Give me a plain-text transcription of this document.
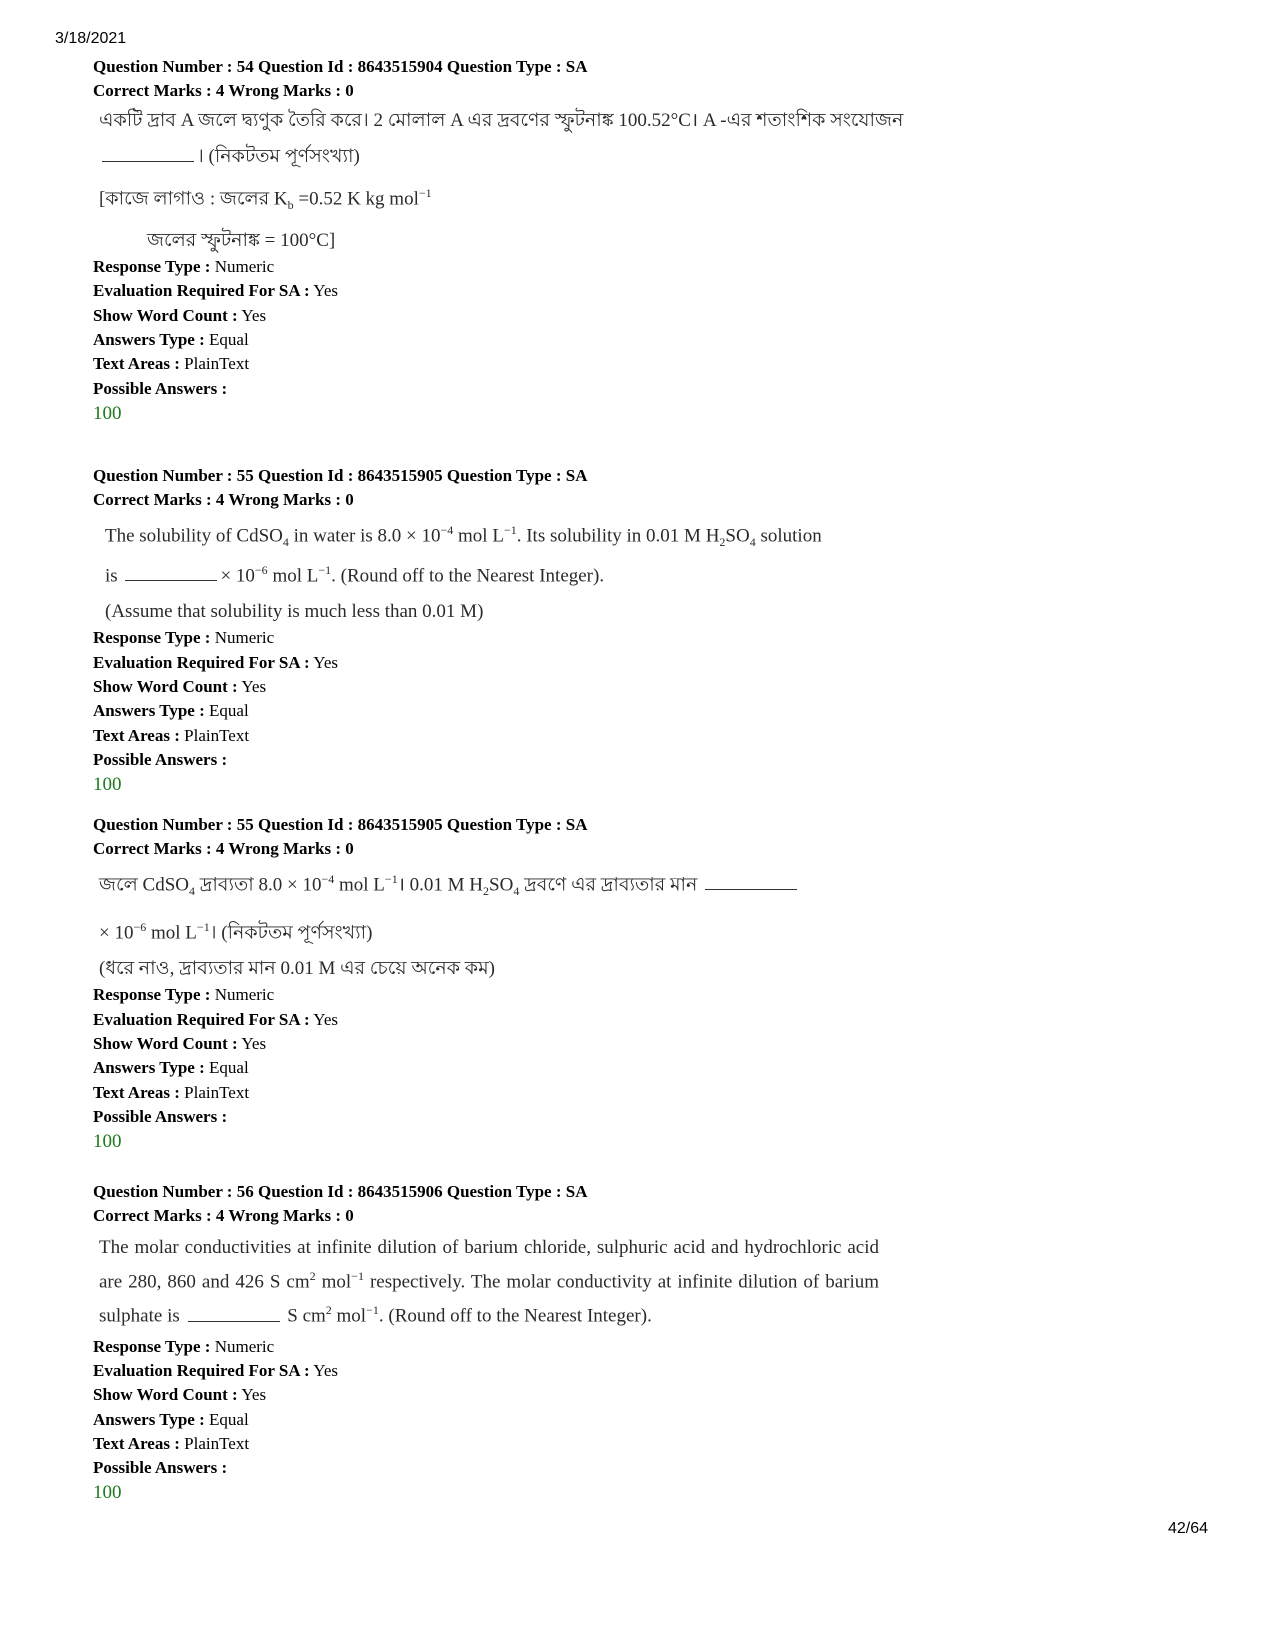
3/18/2021
Question Number : 54 Question Id : 8643515904 Question Type : SA
Correct Marks : 4 Wrong Marks : 0
একটি দ্রাব A জলে দ্ব্যণুক তৈরি করে। 2 মোলাল A এর দ্রবণের স্ফুটনাঙ্ক 100.52°C। A -এর শতাংশিক সংযোজন
। (নিকটতম পূর্ণসংখ্যা)
[কাজে লাগাও : জলের $K_b =0.52$ K kg mol$^{-1}$
জলের স্ফুটনাঙ্ক = 100°C]
Response Type : Numeric
Evaluation Required For SA : Yes
Show Word Count : Yes
Answers Type : Equal
Text Areas : PlainText
Possible Answers :
100
Question Number : 55 Question Id : 8643515905 Question Type : SA
Correct Marks : 4 Wrong Marks : 0
The solubility of CdSO$_4$ in water is $8.0 \times 10^{-4}$ mol $L^{-1}$. Its solubility in 0.01 M $H_2SO_4$ solution
is	× $10^{-6}$ mol $L^{-1}$. (Round off to the Nearest Integer).
(Assume that solubility is much less than 0.01 M)
Response Type : Numeric
Evaluation Required For SA : Yes
Show Word Count : Yes
Answers Type : Equal
Text Areas : PlainText
Possible Answers :
100
Question Number : 55 Question Id : 8643515905 Question Type : SA
Correct Marks : 4 Wrong Marks : 0
জলে CdSO$_4$ দ্রাব্যতা $8.0 \times 10^{-4}$ mol $L^{-1}।$ 0.01 M $H_2SO_4$ দ্রবণে এর দ্রাব্যতার মান
× $10^{-6}$ mol $L^{-1}।$ (নিকটতম পূর্ণসংখ্যা)
(ধরে নাও, দ্রাব্যতার মান 0.01 M এর চেয়ে অনেক কম)
Response Type : Numeric
Evaluation Required For SA : Yes
Show Word Count : Yes
Answers Type : Equal
Text Areas : PlainText
Possible Answers :
100
Question Number : 56 Question Id : 8643515906 Question Type : SA
Correct Marks : 4 Wrong Marks : 0
The molar conductivities at infinite dilution of barium chloride, sulphuric acid and hydrochloric acid are 280, 860 and 426 S $cm^2$ mol$^{-1}$ respectively. The molar conductivity at infinite dilution of barium sulphate is	S $cm^2$ mol$^{-1}$. (Round off to the Nearest Integer).
Response Type : Numeric
Evaluation Required For SA : Yes
Show Word Count : Yes
Answers Type : Equal
Text Areas : PlainText
Possible Answers :
100
42/64
